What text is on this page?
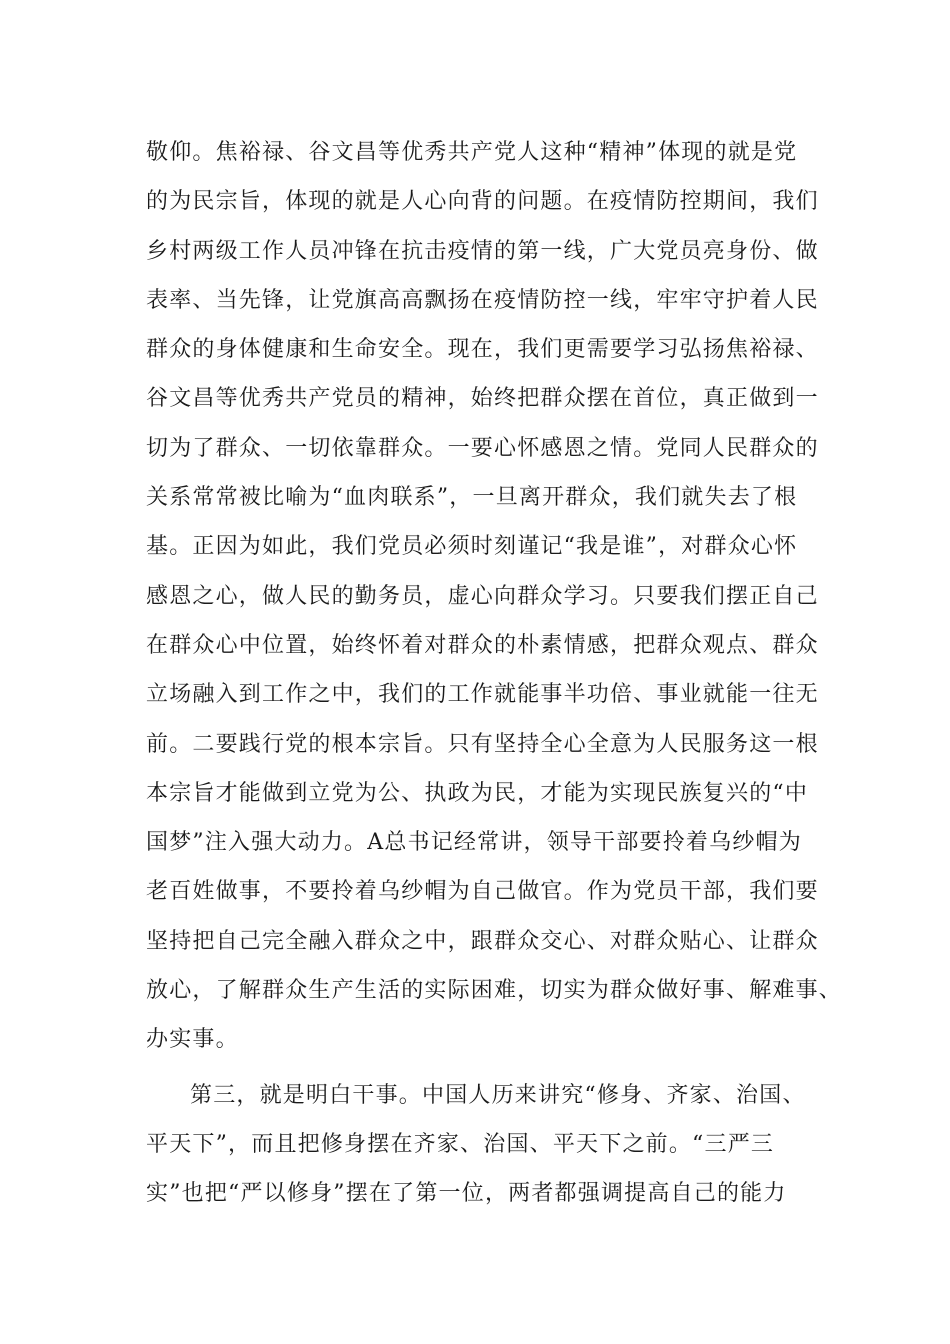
敬仰。焦裕禄、谷文昌等优秀共产党人这种“精神”体现的就是党
的为民宗旨，体现的就是人心向背的问题。在疫情防控期间，我们
乡村两级工作人员冲锋在抗击疫情的第一线，广大党员亮身份、做
表率、当先锋，让党旗高高飘扬在疫情防控一线，牢牢守护着人民
群众的身体健康和生命安全。现在，我们更需要学习弘扬焦裕禄、
谷文昌等优秀共产党员的精神，始终把群众摆在首位，真正做到一
切为了群众、一切依靠群众。一要心怀感恩之情。党同人民群众的
关系常常被比喻为“血肉联系”，一旦离开群众，我们就失去了根
基。正因为如此，我们党员必须时刻谨记“我是谁”，对群众心怀
感恩之心，做人民的勤务员，虚心向群众学习。只要我们摆正自己
在群众心中位置，始终怀着对群众的朴素情感，把群众观点、群众
立场融入到工作之中，我们的工作就能事半功倍、事业就能一往无
前。二要践行党的根本宗旨。只有坚持全心全意为人民服务这一根
本宗旨才能做到立党为公、执政为民，才能为实现民族复兴的“中
国梦”注入强大动力。A总书记经常讲，领导干部要拎着乌纱帽为
老百姓做事，不要拎着乌纱帽为自己做官。作为党员干部，我们要
坚持把自己完全融入群众之中，跟群众交心、对群众贴心、让群众
放心，了解群众生产生活的实际困难，切实为群众做好事、解难事、
办实事。
第三，就是明白干事。中国人历来讲究“修身、齐家、治国、
平天下”，而且把修身摆在齐家、治国、平天下之前。“三严三
实”也把“严以修身”摆在了第一位，两者都强调提高自己的能力
